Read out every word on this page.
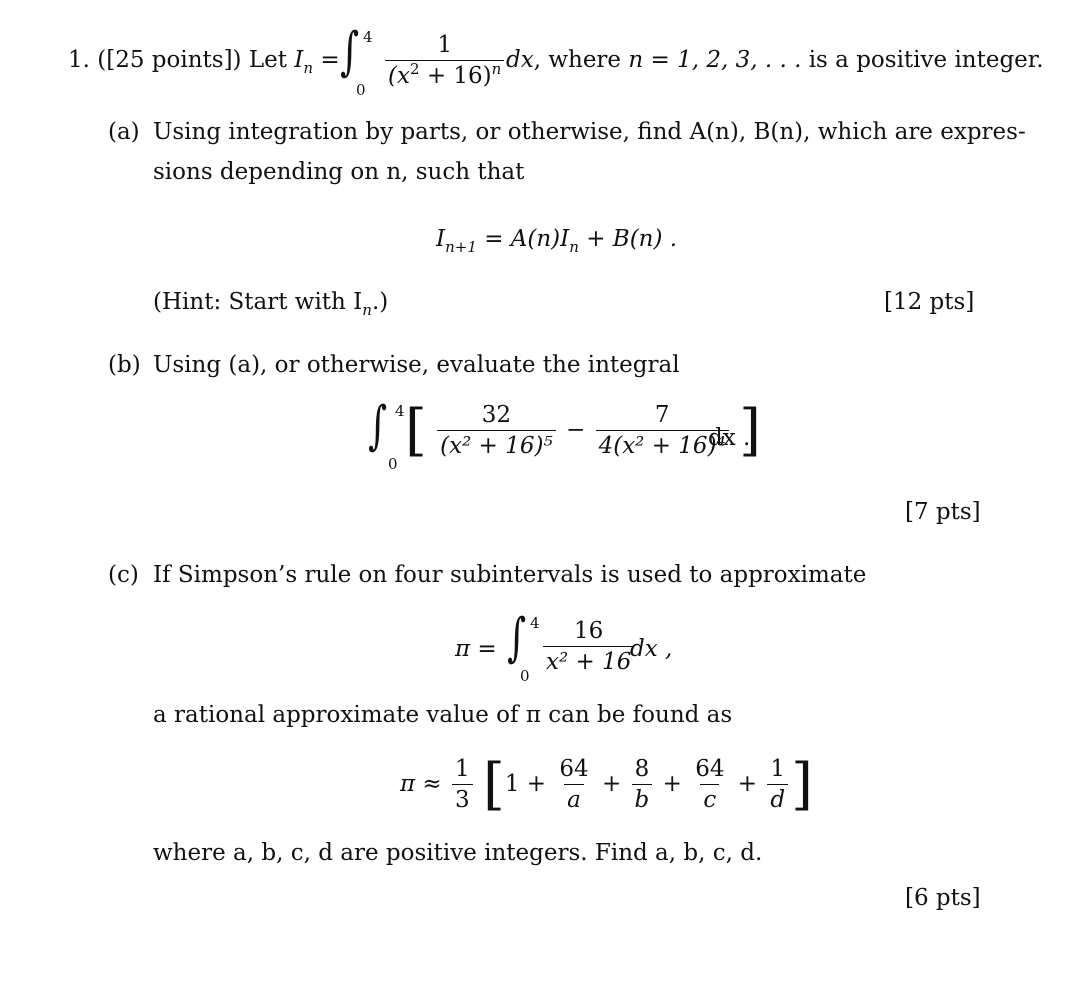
1. ([25 points]) Let $I_n$ = ∫ 4
0
$\frac{1}{(x^2 + 16)^n}$ dx, where n = 1, 2, 3, . . . is a positive integer.
(a) Using integration by parts, or otherwise, find A(n), B(n), which are expres-
sions depending on n, such that
$I_{n+1} = A(n)I_n + B(n)$ .
(Hint: Start with $I_n$.)	[12 pts]
(b) Using (a), or otherwise, evaluate the integral
∫ 4
0
[ $\frac{32}{\text{(x² + 16)⁵}} - \frac{7}{\text{4(x² + 16)⁴}}$ ]
dx .
[7 pts]
(c) If Simpson’s rule on four subintervals is used to approximate
π = ∫ 4
0
$\frac{16}{\text{x² + 16}}$
dx ,
a rational approximate value of π can be found as
$\pi \approx \frac{1}{3} [1 + \frac{64}{a} + \frac{8}{b} + \frac{64}{c} + \frac{1}{d}$ ]
where a, b, c, d are positive integers. Find a, b, c, d.
[6 pts]
